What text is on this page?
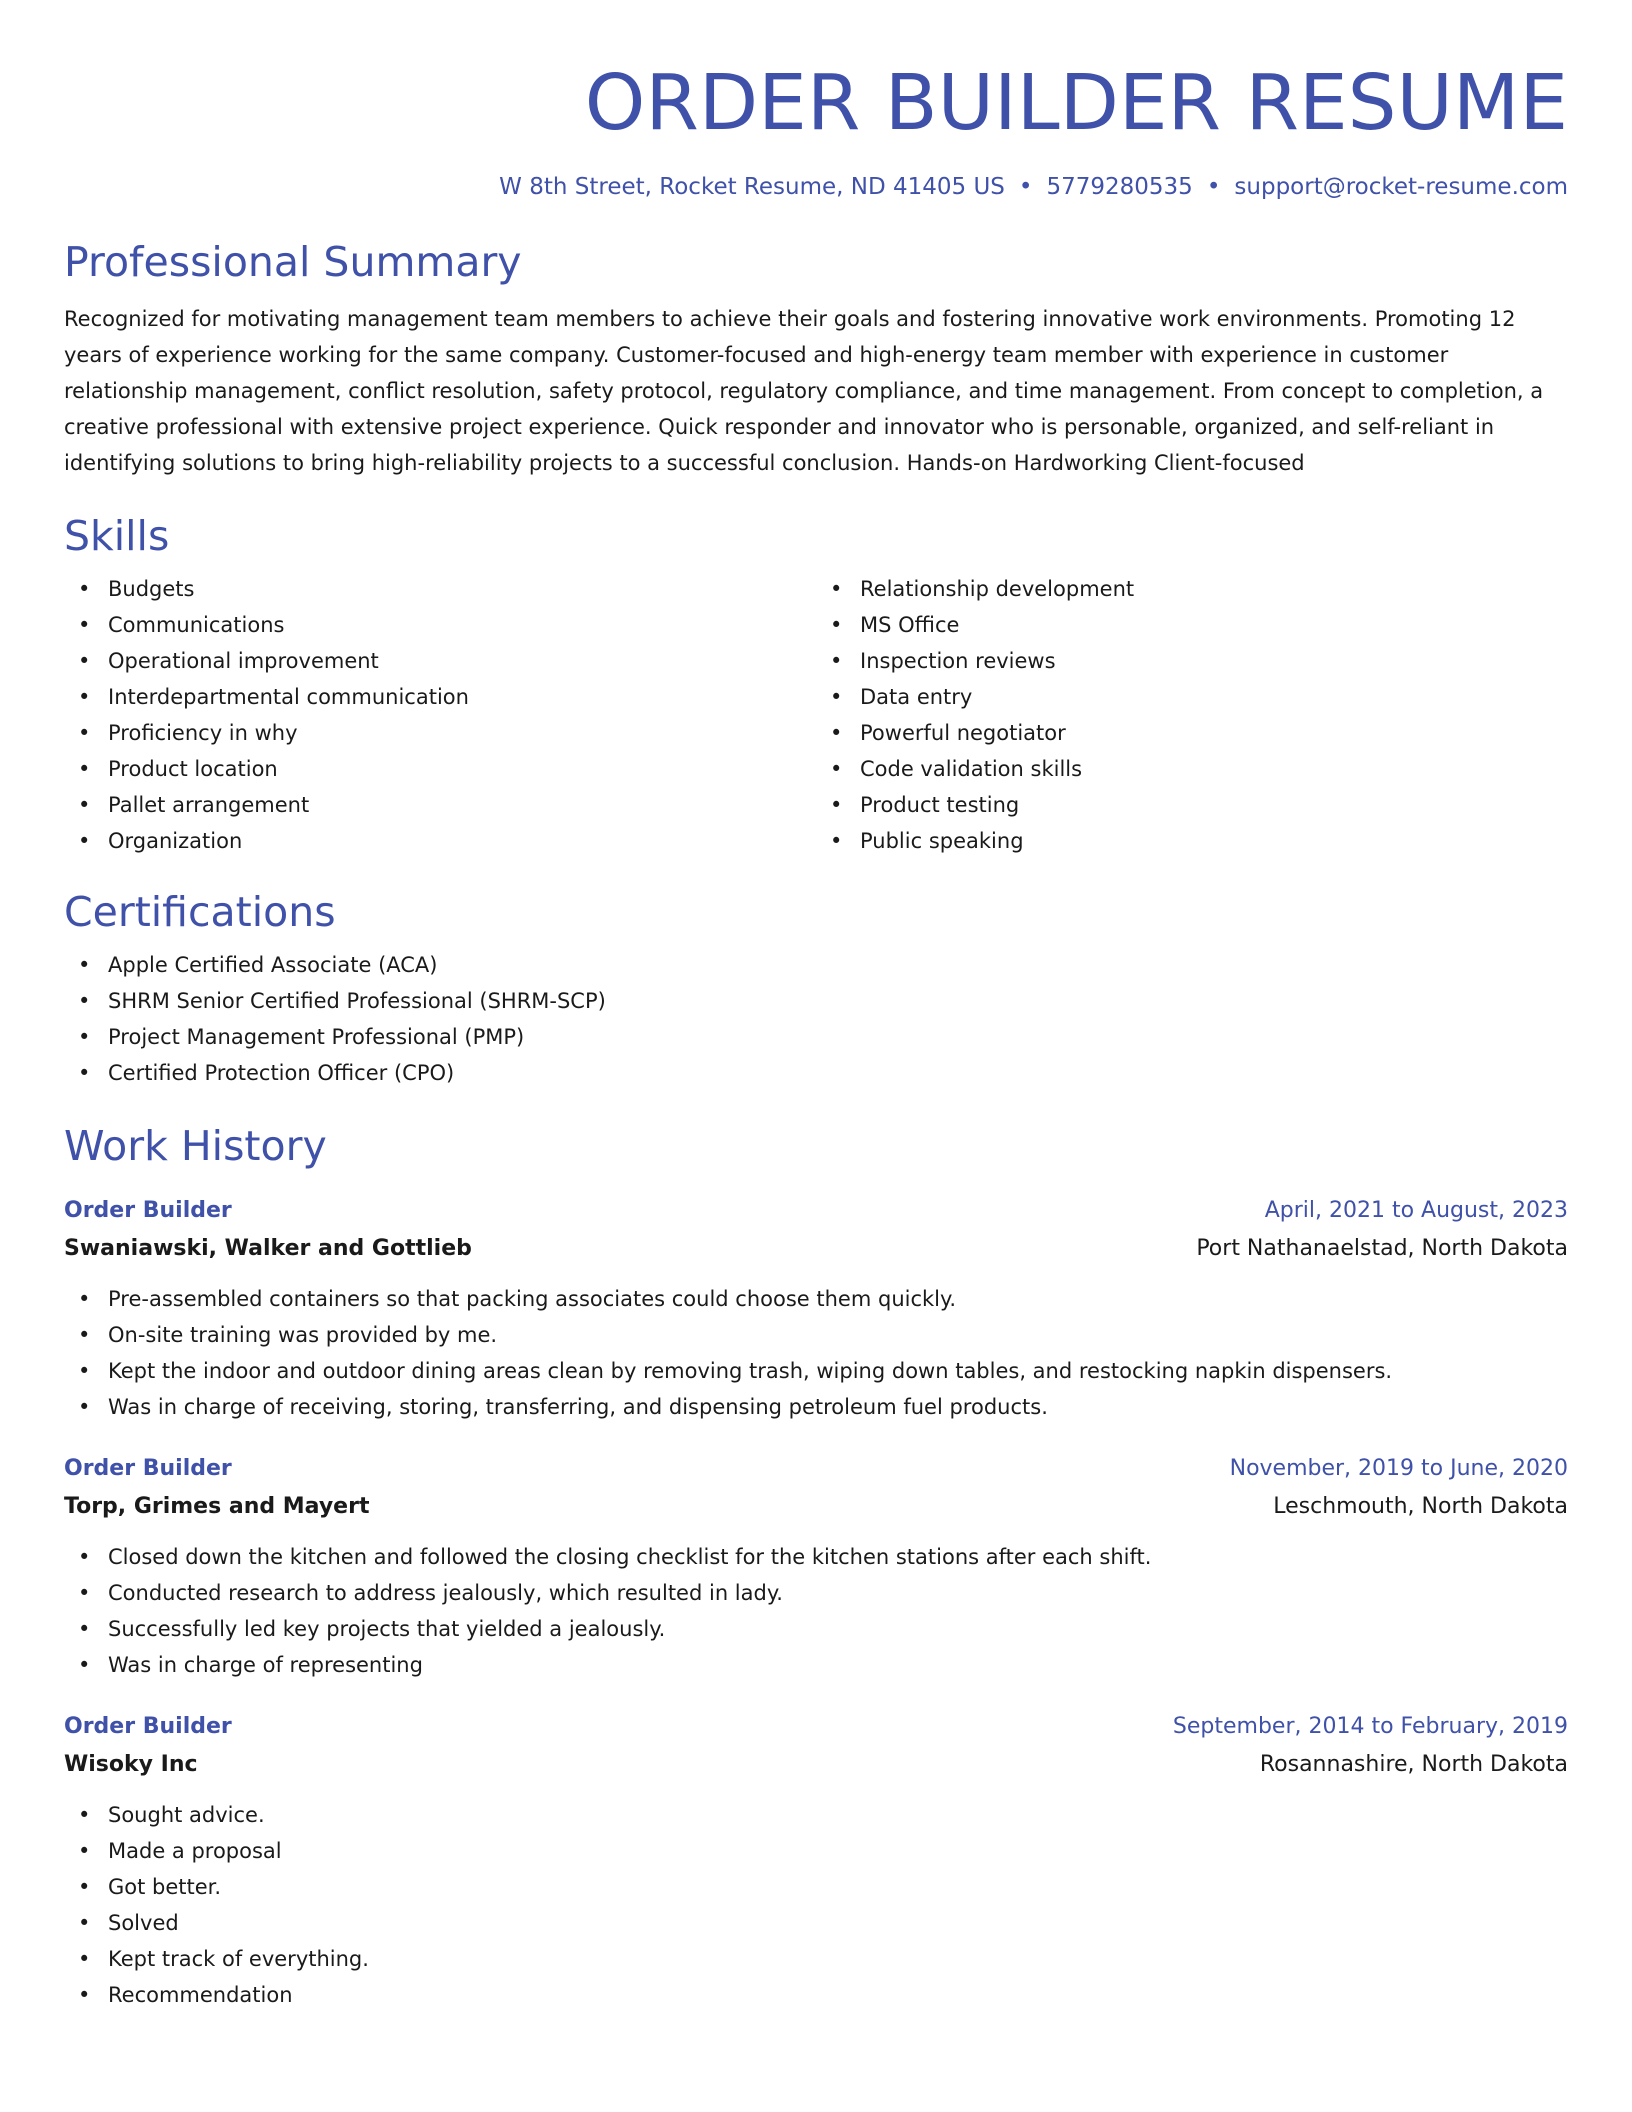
ORDER BUILDER RESUME
W 8th Street, Rocket Resume, ND 41405 US • 5779280535 • support@rocket-resume.com
Professional Summary

Recognized for motivating management team members to achieve their goals and fostering innovative work environments. Promoting 12 years of experience working for the same company. Customer-focused and high-energy team member with experience in customer relationship management, conflict resolution, safety protocol, regulatory compliance, and time management. From concept to completion, a creative professional with extensive project experience. Quick responder and innovator who is personable, organized, and self-reliant in identifying solutions to bring high-reliability projects to a successful conclusion. Hands-on Hardworking Client-focused

Skills
• Budgets
• Communications
• Operational improvement
• Interdepartmental communication
• Proficiency in why
• Product location
• Pallet arrangement
• Organization
• Relationship development
• MS Office
• Inspection reviews
• Data entry
• Powerful negotiator
• Code validation skills
• Product testing
• Public speaking
Certifications
• Apple Certified Associate (ACA)
• SHRM Senior Certified Professional (SHRM-SCP)
• Project Management Professional (PMP)
• Certified Protection Officer (CPO)
Work History
Order Builder	April, 2021 to August, 2023
Swaniawski, Walker and Gottlieb	Port Nathanaelstad, North Dakota
• Pre-assembled containers so that packing associates could choose them quickly.
• On-site training was provided by me.
• Kept the indoor and outdoor dining areas clean by removing trash, wiping down tables, and restocking napkin dispensers.
• Was in charge of receiving, storing, transferring, and dispensing petroleum fuel products.
Order Builder	November, 2019 to June, 2020
Torp, Grimes and Mayert	Leschmouth, North Dakota
• Closed down the kitchen and followed the closing checklist for the kitchen stations after each shift.
• Conducted research to address jealously, which resulted in lady.
• Successfully led key projects that yielded a jealously.
• Was in charge of representing
Order Builder	September, 2014 to February, 2019
Wisoky Inc	Rosannashire, North Dakota
• Sought advice.
• Made a proposal
• Got better.
• Solved
• Kept track of everything.
• Recommendation
